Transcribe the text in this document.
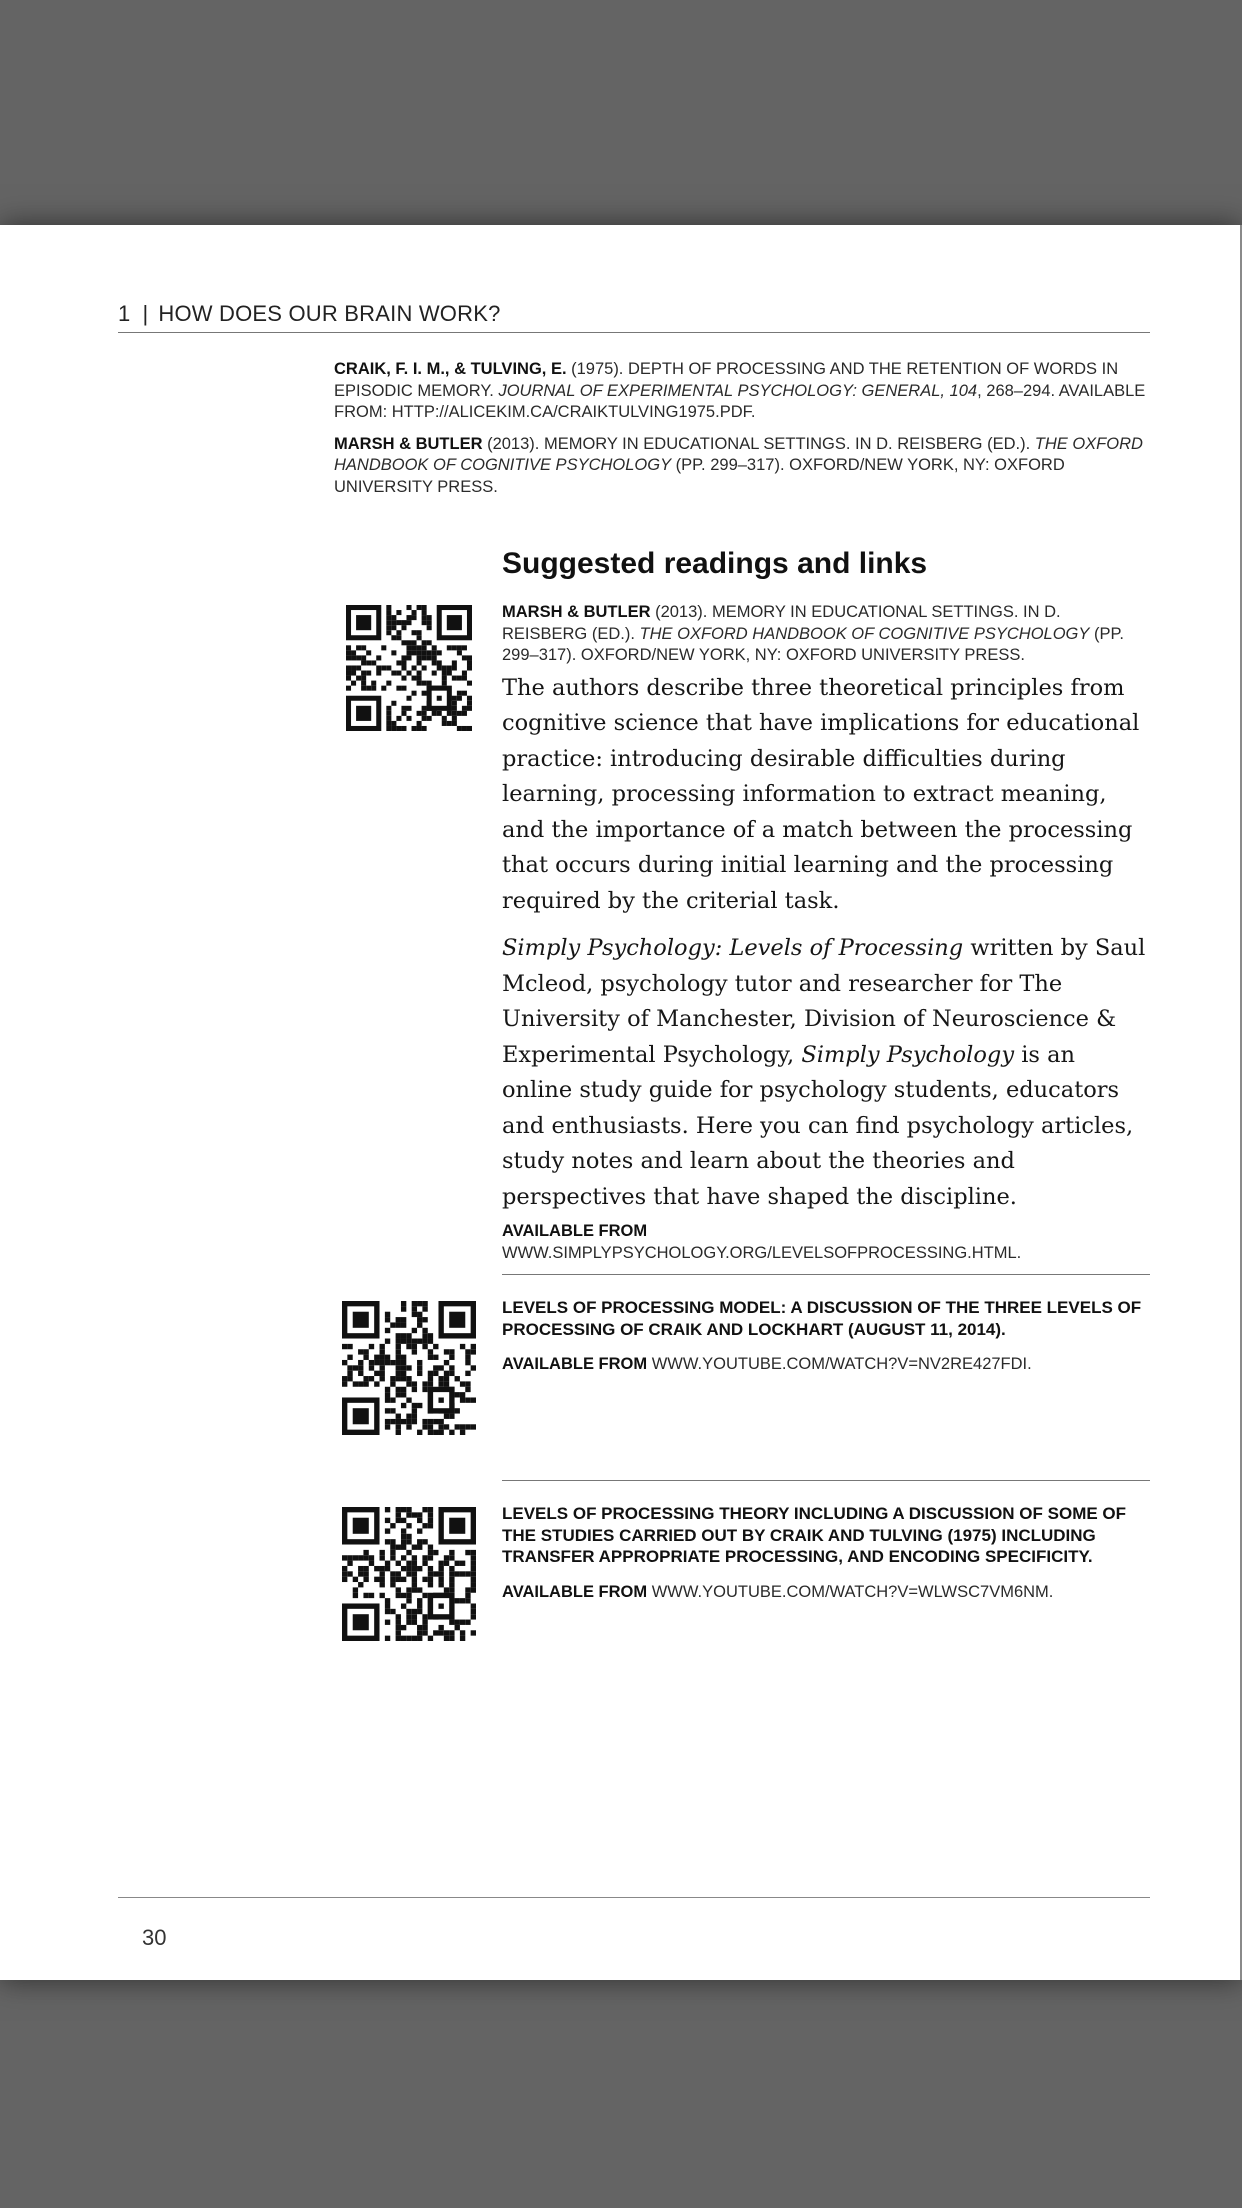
1 | HOW DOES OUR BRAIN WORK?

CRAIK, F. I. M., & TULVING, E. (1975). DEPTH OF PROCESSING AND THE RETENTION OF WORDS IN EPISODIC MEMORY. JOURNAL OF EXPERIMENTAL PSYCHOLOGY: GENERAL, 104, 268–294. AVAILABLE FROM: HTTP://ALICEKIM.CA/CRAIKTULVING1975.PDF.

MARSH & BUTLER (2013). MEMORY IN EDUCATIONAL SETTINGS. IN D. REISBERG (ED.). THE OXFORD HANDBOOK OF COGNITIVE PSYCHOLOGY (PP. 299–317). OXFORD/NEW YORK, NY: OXFORD UNIVERSITY PRESS.

Suggested readings and links
MARSH & BUTLER (2013). MEMORY IN EDUCATIONAL SETTINGS. IN D. REISBERG (ED.). THE OXFORD HANDBOOK OF COGNITIVE PSYCHOLOGY (PP. 299–317). OXFORD/NEW YORK, NY: OXFORD UNIVERSITY PRESS.

The authors describe three theoretical principles from cognitive science that have implications for educational practice: introducing desirable difficulties during learning, processing information to extract meaning, and the importance of a match between the processing that occurs during initial learning and the processing required by the criterial task.

Simply Psychology: Levels of Processing written by Saul Mcleod, psychology tutor and researcher for The University of Manchester, Division of Neuroscience & Experimental Psychology, Simply Psychology is an online study guide for psychology students, educators and enthusiasts. Here you can find psychology articles, study notes and learn about the theories and perspectives that have shaped the discipline.

AVAILABLE FROM WWW.SIMPLYPSYCHOLOGY.ORG/LEVELSOFPROCESSING.HTML.
LEVELS OF PROCESSING MODEL: A DISCUSSION OF THE THREE LEVELS OF PROCESSING OF CRAIK AND LOCKHART (AUGUST 11, 2014).
AVAILABLE FROM WWW.YOUTUBE.COM/WATCH?V=NV2RE427FDI.
LEVELS OF PROCESSING THEORY INCLUDING A DISCUSSION OF SOME OF THE STUDIES CARRIED OUT BY CRAIK AND TULVING (1975) INCLUDING TRANSFER APPROPRIATE PROCESSING, AND ENCODING SPECIFICITY.
AVAILABLE FROM WWW.YOUTUBE.COM/WATCH?V=WLWSC7VM6NM.
30
